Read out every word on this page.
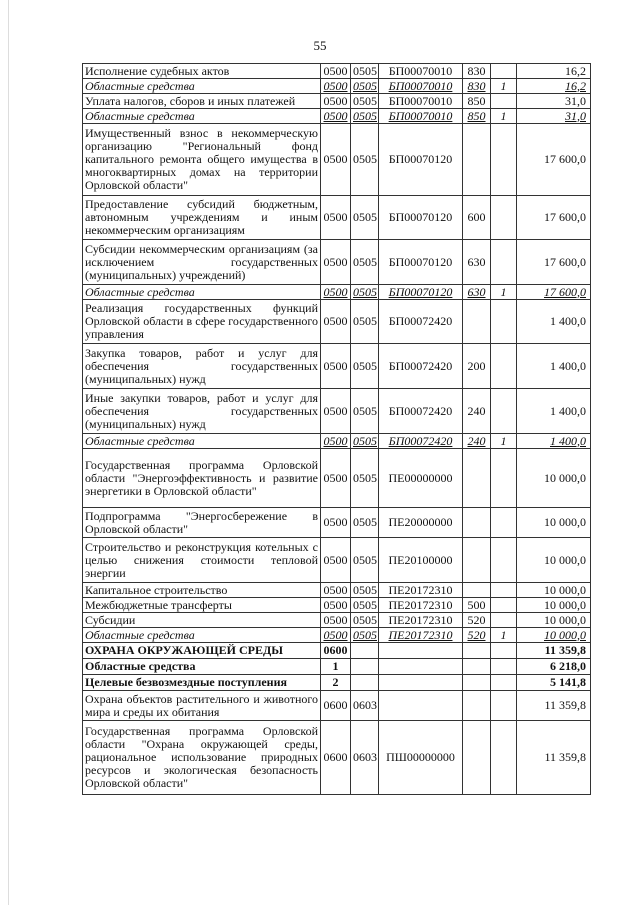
55
Исполнение судебных актов	0500	0505	БП00070010	830		16,2
Областные средства	0500	0505	БП00070010	830	1	16,2
Уплата налогов, сборов и иных платежей	0500	0505	БП00070010	850		31,0
Областные средства	0500	0505	БП00070010	850	1	31,0
Имущественный взнос в некоммерческую организацию "Региональный фонд капитального ремонта общего имущества в многоквартирных домах на территории Орловской области"	0500	0505	БП00070120			17 600,0
Предоставление субсидий бюджетным, автономным учреждениям и иным некоммерческим организациям	0500	0505	БП00070120	600		17 600,0
Субсидии некоммерческим организациям (за исключением государственных (муниципальных) учреждений)	0500	0505	БП00070120	630		17 600,0
Областные средства	0500	0505	БП00070120	630	1	17 600,0
Реализация государственных функций Орловской области в сфере государственного управления	0500	0505	БП00072420			1 400,0
Закупка товаров, работ и услуг для обеспечения государственных (муниципальных) нужд	0500	0505	БП00072420	200		1 400,0
Иные закупки товаров, работ и услуг для обеспечения государственных (муниципальных) нужд	0500	0505	БП00072420	240		1 400,0
Областные средства	0500	0505	БП00072420	240	1	1 400,0
Государственная программа Орловской области "Энергоэффективность и развитие энергетики в Орловской области"	0500	0505	ПЕ00000000			10 000,0
Подпрограмма "Энергосбережение в Орловской области"	0500	0505	ПЕ20000000			10 000,0
Строительство и реконструкция котельных с целью снижения стоимости тепловой энергии	0500	0505	ПЕ20100000			10 000,0
Капитальное строительство	0500	0505	ПЕ20172310			10 000,0
Межбюджетные трансферты	0500	0505	ПЕ20172310	500		10 000,0
Субсидии	0500	0505	ПЕ20172310	520		10 000,0
Областные средства	0500	0505	ПЕ20172310	520	1	10 000,0
ОХРАНА ОКРУЖАЮЩЕЙ СРЕДЫ	0600					11 359,8
Областные средства	1					6 218,0
Целевые безвозмездные поступления	2					5 141,8
Охрана объектов растительного и животного мира и среды их обитания	0600	0603				11 359,8
Государственная программа Орловской области "Охрана окружающей среды, рациональное использование природных ресурсов и экологическая безопасность Орловской области"	0600	0603	ПШ00000000			11 359,8
